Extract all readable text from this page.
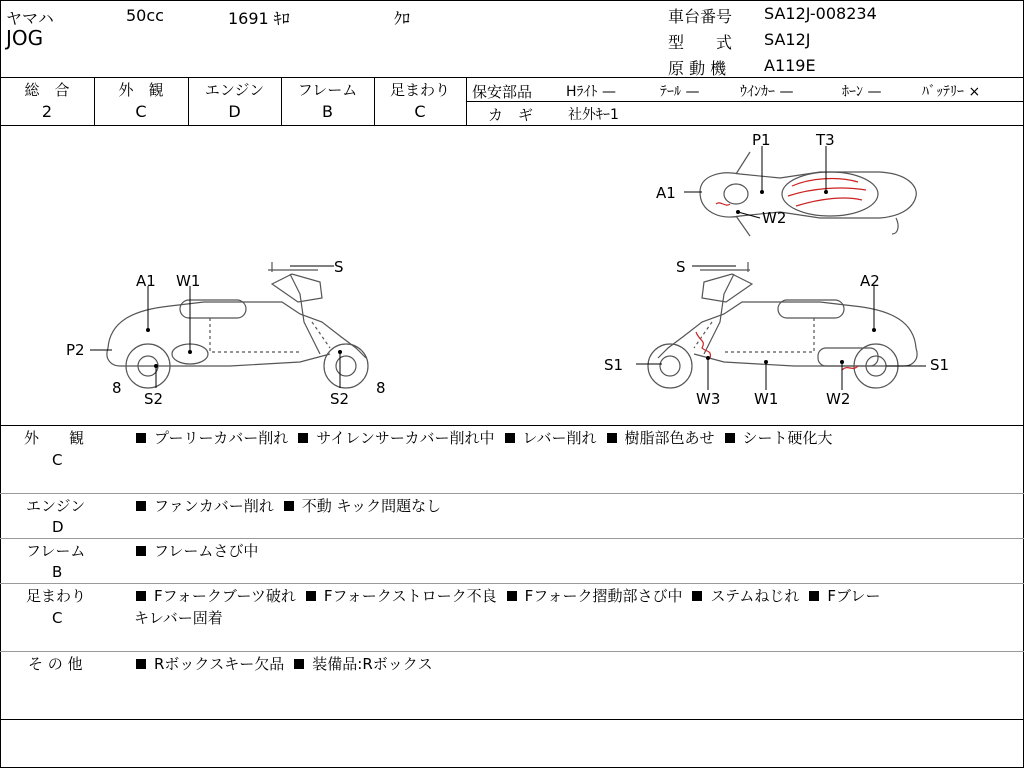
ヤマハ	50cc	1691 ｷﾛ	ｸﾛ
JOG
車台番号 SA12J-008234
型　　式 SA12J
原 動 機 A119E
総　合
2
外　観
C
エンジン
D
フレーム
B
足まわり
C
保安部品 Hﾗｲﾄ —	ﾃｰﾙ —	ｳｲﾝｶｰ —	ﾎｰﾝ —	ﾊﾞｯﾃﾘｰ ×
カ　ギ 社外ｷｰ1
A1 W1
S
P2
8
S2	S2
8
S
A2
S1	S1
W3 W1	W2
P1	T3
A1
W2
外　　観
C
プーリーカバー削れ サイレンサーカバー削れ中 レバー削れ 樹脂部色あせ シート硬化大
エンジン
D
ファンカバー削れ 不動 キック問題なし
フレーム
B
フレームさび中
足まわり
C
Fフォークブーツ破れ Fフォークストローク不良 Fフォーク摺動部さび中 ステムねじれ Fブレー
キレバー固着
そ の 他	Rボックスキー欠品 装備品:Rボックス
